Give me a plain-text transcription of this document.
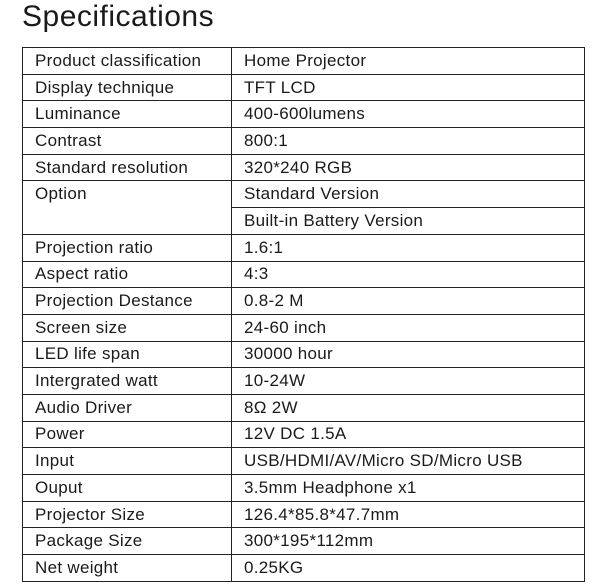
Specifications
Product classification	Home Projector
Display technique	TFT LCD
Luminance	400-600lumens
Contrast	800:1
Standard resolution	320*240 RGB
Option	Standard Version
	Built-in Battery Version
Projection ratio	1.6:1
Aspect ratio	4:3
Projection Destance	0.8-2 M
Screen size	24-60 inch
LED life span	30000 hour
Intergrated watt	10-24W
Audio Driver	8Ω 2W
Power	12V DC 1.5A
Input	USB/HDMI/AV/Micro SD/Micro USB
Ouput	3.5mm Headphone x1
Projector Size	126.4*85.8*47.7mm
Package Size	300*195*112mm
Net weight	0.25KG
